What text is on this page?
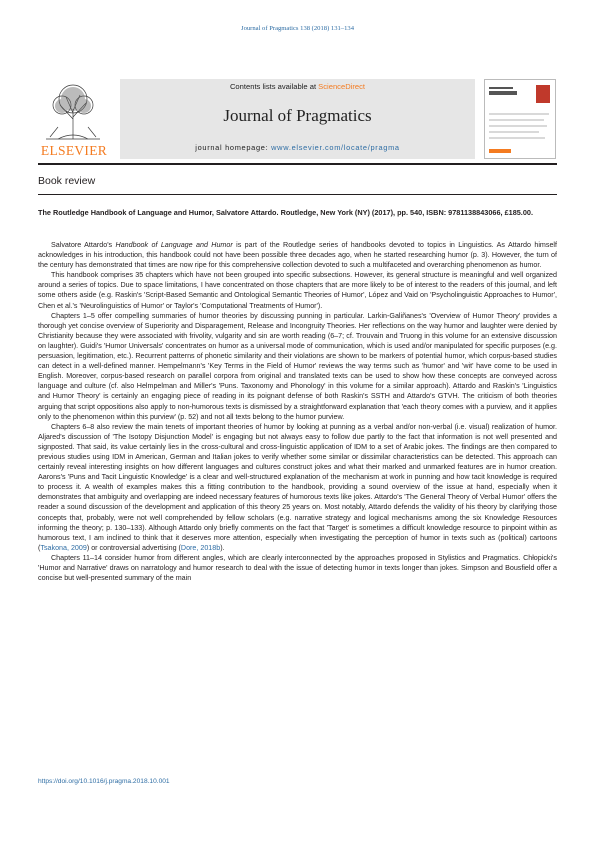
Journal of Pragmatics 138 (2018) 131–134
ELSEVIER
Contents lists available at ScienceDirect
Journal of Pragmatics
journal homepage: www.elsevier.com/locate/pragma
Book review
The Routledge Handbook of Language and Humor, Salvatore Attardo. Routledge, New York (NY) (2017), pp. 540, ISBN: 9781138843066, £185.00.

Salvatore Attardo's Handbook of Language and Humor is part of the Routledge series of handbooks devoted to topics in Linguistics. As Attardo himself acknowledges in his introduction, this handbook could not have been possible three decades ago, when he started researching humor (p. 3). However, the turn of the century has demonstrated that times are now ripe for this comprehensive collection devoted to such a multifaceted and overarching phenomenon as humor.

This handbook comprises 35 chapters which have not been grouped into specific subsections. However, its general structure is meaningful and well organized around a series of topics. Due to space limitations, I have concentrated on those chapters that are more likely to be of interest to the readers of this journal, and left some others aside (e.g. Raskin's 'Script-Based Semantic and Ontological Semantic Theories of Humor', López and Vaid on 'Psycholinguistic Approaches to Humor', Chen et al.'s 'Neurolinguistics of Humor' or Taylor's 'Computational Treatments of Humor').

Chapters 1–5 offer compelling summaries of humor theories by discussing punning in particular. Larkin-Galiñanes's 'Overview of Humor Theory' provides a thorough yet concise overview of Superiority and Disparagement, Release and Incongruity Theories. Her reflections on the way humor and laughter were denied by Christianity because they were associated with frivolity, vulgarity and sin are worth reading (6–7; cf. Trouvain and Truong in this volume for an extensive discussion on laughter). Guidi's 'Humor Universals' concentrates on humor as a universal mode of communication, which is used and/or manipulated for specific purposes (e.g. persuasion, legitimation, etc.). Recurrent patterns of phonetic similarity and their violations are shown to be markers of potential humor, which corpus-based studies can detect in a well-defined manner. Hempelmann's 'Key Terms in the Field of Humor' reviews the way terms such as 'humor' and 'wit' have come to be used in English. Moreover, corpus-based research on parallel corpora from original and translated texts can be used to show how these concepts are conveyed across language and culture (cf. also Helmpelman and Miller's 'Puns. Taxonomy and Phonology' in this volume for a similar approach). Attardo and Raskin's 'Linguistics and Humor Theory' is certainly an engaging piece of reading in its poignant defense of both Raskin's SSTH and Attardo's GTVH. The criticism of both theories arguing that script oppositions also apply to non-humorous texts is dismissed by a straightforward explanation that 'each theory comes with a purview, and it applies only to the phenomenon within this purview' (p. 52) and not all texts belong to the humor purview.

Chapters 6–8 also review the main tenets of important theories of humor by looking at punning as a verbal and/or non-verbal (i.e. visual) realization of humor. Aljared's discussion of 'The Isotopy Disjunction Model' is engaging but not always easy to follow due partly to the fact that information is not well presented and signposted. That said, its value certainly lies in the cross-cultural and cross-linguistic application of IDM to a set of Arabic jokes. The findings are then compared to previous studies using IDM in American, German and Italian jokes to verify whether some similar or dissimilar characteristics can be detected. This approach can certainly reveal interesting insights on how different languages and cultures construct jokes and what their marked and unmarked features are in humor creation. Aarons's 'Puns and Tacit Linguistic Knowledge' is a clear and well-structured explanation of the mechanism at work in punning and how tacit knowledge is required to process it. A wealth of examples makes this a fitting contribution to the handbook, providing a sound overview of the issue at hand, especially when it demonstrates that ambiguity and overlapping are indeed necessary features of humorous texts like jokes. Attardo's 'The General Theory of Verbal Humor' offers the reader a sound discussion of the development and application of this theory 25 years on. Most notably, Attardo defends the validity of his theory by clarifying those concepts that, probably, were not well comprehended by fellow scholars (e.g. narrative strategy and logical mechanisms among the six Knowledge Resources informing the theory; p. 130–133). Although Attardo only briefly comments on the fact that 'Target' is sometimes a difficult knowledge resource to pinpoint within as humorous text, I am inclined to think that it deserves more attention, especially when investigating the perception of humor in texts such as (political) cartoons (Tsakona, 2009) or controversial advertising (Dore, 2018b).

Chapters 11–14 consider humor from different angles, which are clearly interconnected by the approaches proposed in Stylistics and Pragmatics. Chłopicki's 'Humor and Narrative' draws on narratology and humor research to deal with the issue of detecting humor in texts longer than jokes. Simpson and Bousfield offer a concise but well-presented summary of the main

https://doi.org/10.1016/j.pragma.2018.10.001
